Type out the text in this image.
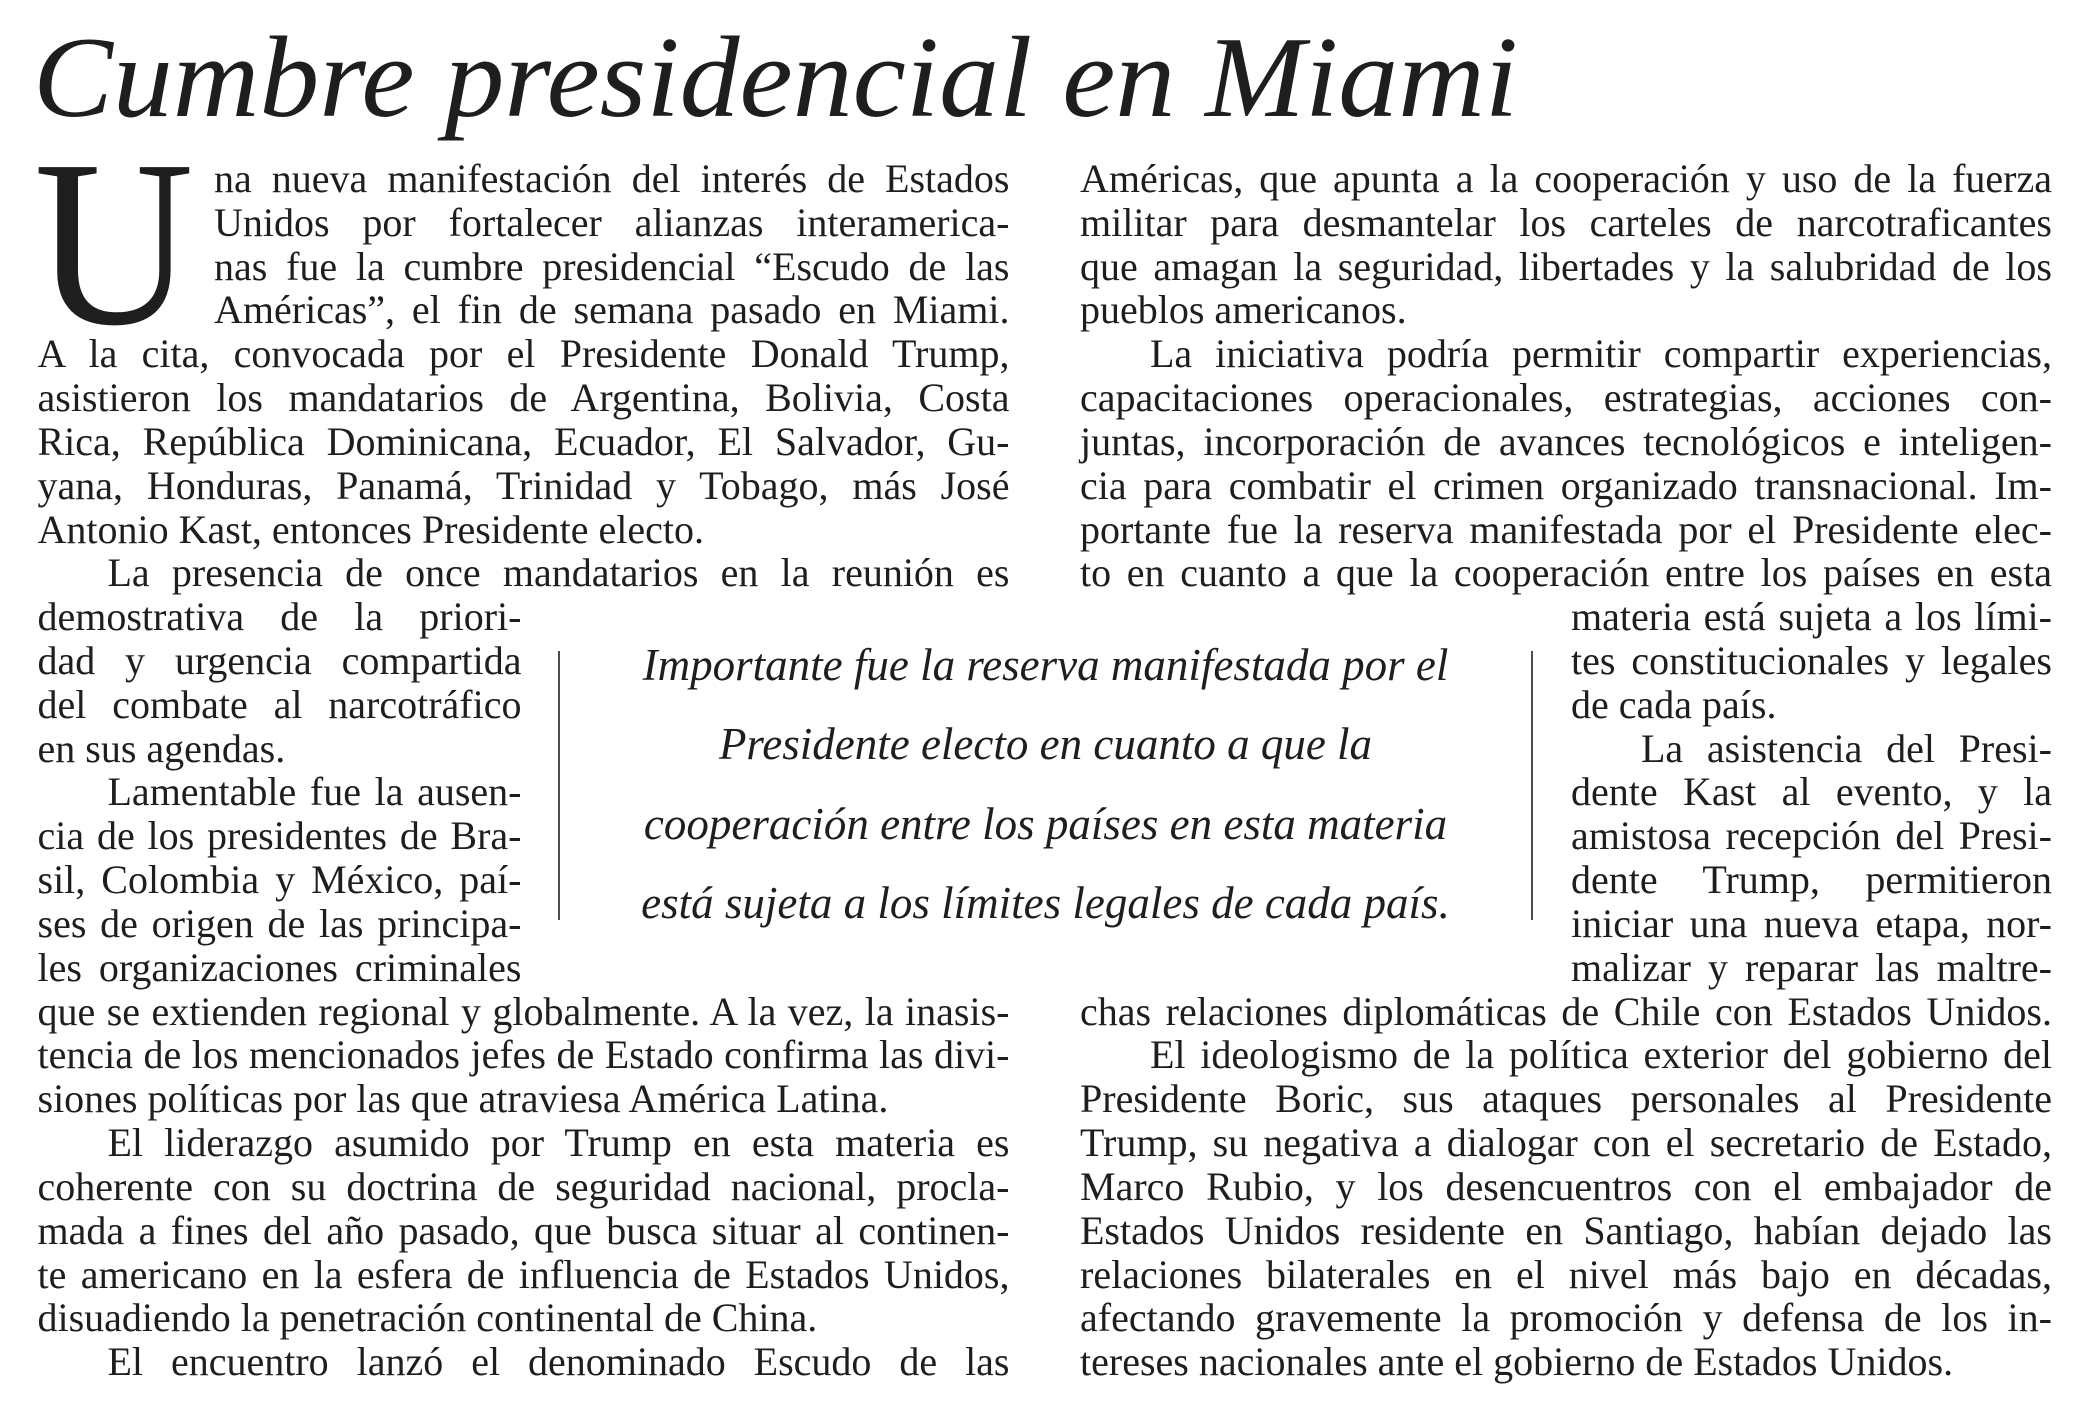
Cumbre presidencial en Miami
U na nueva manifestación del interés de Estados
Unidos por fortalecer alianzas interamerica-
nas fue la cumbre presidencial “Escudo de las
Américas”, el fin de semana pasado en Miami.
A la cita, convocada por el Presidente Donald Trump,
asistieron los mandatarios de Argentina, Bolivia, Costa
Rica, República Dominicana, Ecuador, El Salvador, Gu-
yana, Honduras, Panamá, Trinidad y Tobago, más José
Antonio Kast, entonces Presidente electo.
La presencia de once mandatarios en la reunión es
demostrativa de la priori-
dad y urgencia compartida
del combate al narcotráfico
en sus agendas.
Lamentable fue la ausen-
cia de los presidentes de Bra-
sil, Colombia y México, paí-
ses de origen de las principa-
les organizaciones criminales
que se extienden regional y globalmente. A la vez, la inasis-
tencia de los mencionados jefes de Estado confirma las divi-
siones políticas por las que atraviesa América Latina.
El liderazgo asumido por Trump en esta materia es
coherente con su doctrina de seguridad nacional, procla-
mada a fines del año pasado, que busca situar al continen-
te americano en la esfera de influencia de Estados Unidos,
disuadiendo la penetración continental de China.
El encuentro lanzó el denominado Escudo de las
Américas, que apunta a la cooperación y uso de la fuerza
militar para desmantelar los carteles de narcotraficantes
que amagan la seguridad, libertades y la salubridad de los
pueblos americanos.
La iniciativa podría permitir compartir experiencias,
capacitaciones operacionales, estrategias, acciones con-
juntas, incorporación de avances tecnológicos e inteligen-
cia para combatir el crimen organizado transnacional. Im-
portante fue la reserva manifestada por el Presidente elec-
to en cuanto a que la cooperación entre los países en esta
materia está sujeta a los lími-
tes constitucionales y legales
de cada país.
La asistencia del Presi-
dente Kast al evento, y la
amistosa recepción del Presi-
dente Trump, permitieron
iniciar una nueva etapa, nor-
malizar y reparar las maltre-
chas relaciones diplomáticas de Chile con Estados Unidos.
El ideologismo de la política exterior del gobierno del
Presidente Boric, sus ataques personales al Presidente
Trump, su negativa a dialogar con el secretario de Estado,
Marco Rubio, y los desencuentros con el embajador de
Estados Unidos residente en Santiago, habían dejado las
relaciones bilaterales en el nivel más bajo en décadas,
afectando gravemente la promoción y defensa de los in-
tereses nacionales ante el gobierno de Estados Unidos.
Importante fue la reserva manifestada por el
Presidente electo en cuanto a que la
cooperación entre los países en esta materia
está sujeta a los límites legales de cada país.
